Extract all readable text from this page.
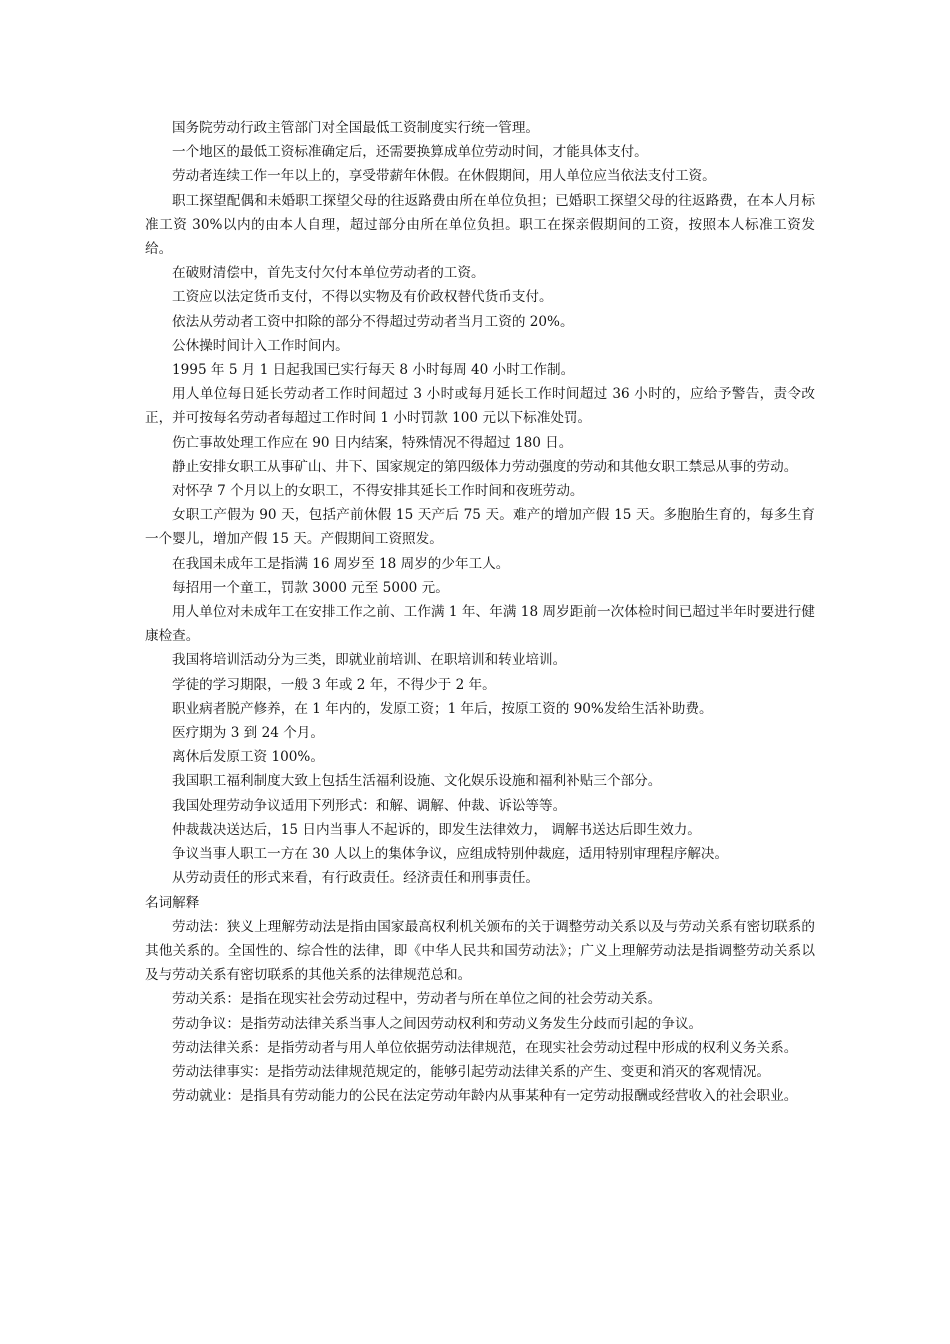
国务院劳动行政主管部门对全国最低工资制度实行统一管理。

一个地区的最低工资标准确定后，还需要换算成单位劳动时间，才能具体支付。

劳动者连续工作一年以上的，享受带薪年休假。在休假期间，用人单位应当依法支付工资。

职工探望配偶和未婚职工探望父母的往返路费由所在单位负担；已婚职工探望父母的往返路费，在本人月标准工资 30%以内的由本人自理，超过部分由所在单位负担。职工在探亲假期间的工资，按照本人标准工资发给。

在破财清偿中，首先支付欠付本单位劳动者的工资。

工资应以法定货币支付，不得以实物及有价政权替代货币支付。

依法从劳动者工资中扣除的部分不得超过劳动者当月工资的 20%。

公休操时间计入工作时间内。

1995 年 5 月 1 日起我国已实行每天 8 小时每周 40 小时工作制。

用人单位每日延长劳动者工作时间超过 3 小时或每月延长工作时间超过 36 小时的，应给予警告，责令改正，并可按每名劳动者每超过工作时间 1 小时罚款 100 元以下标准处罚。

伤亡事故处理工作应在 90 日内结案，特殊情况不得超过 180 日。

静止安排女职工从事矿山、井下、国家规定的第四级体力劳动强度的劳动和其他女职工禁忌从事的劳动。

对怀孕 7 个月以上的女职工，不得安排其延长工作时间和夜班劳动。

女职工产假为 90 天，包括产前休假 15 天产后 75 天。难产的增加产假 15 天。多胞胎生育的，每多生育一个婴儿，增加产假 15 天。产假期间工资照发。

在我国未成年工是指满 16 周岁至 18 周岁的少年工人。

每招用一个童工，罚款 3000 元至 5000 元。

用人单位对未成年工在安排工作之前、工作满 1 年、年满 18 周岁距前一次体检时间已超过半年时要进行健康检查。

我国将培训活动分为三类，即就业前培训、在职培训和转业培训。

学徒的学习期限，一般 3 年或 2 年，不得少于 2 年。

职业病者脱产修养，在 1 年内的，发原工资；1 年后，按原工资的 90%发给生活补助费。

医疗期为 3 到 24 个月。

离休后发原工资 100%。

我国职工福利制度大致上包括生活福利设施、文化娱乐设施和福利补贴三个部分。

我国处理劳动争议适用下列形式：和解、调解、仲裁、诉讼等等。

仲裁裁决送达后，15 日内当事人不起诉的，即发生法律效力， 调解书送达后即生效力。

争议当事人职工一方在 30 人以上的集体争议，应组成特别仲裁庭，适用特别审理程序解决。

从劳动责任的形式来看，有行政责任。经济责任和刑事责任。

名词解释

劳动法：狭义上理解劳动法是指由国家最高权利机关颁布的关于调整劳动关系以及与劳动关系有密切联系的其他关系的。全国性的、综合性的法律，即《中华人民共和国劳动法》；广义上理解劳动法是指调整劳动关系以及与劳动关系有密切联系的其他关系的法律规范总和。

劳动关系：是指在现实社会劳动过程中，劳动者与所在单位之间的社会劳动关系。

劳动争议：是指劳动法律关系当事人之间因劳动权利和劳动义务发生分歧而引起的争议。

劳动法律关系：是指劳动者与用人单位依据劳动法律规范，在现实社会劳动过程中形成的权利义务关系。

劳动法律事实：是指劳动法律规范规定的，能够引起劳动法律关系的产生、变更和消灭的客观情况。

劳动就业：是指具有劳动能力的公民在法定劳动年龄内从事某种有一定劳动报酬或经营收入的社会职业。
